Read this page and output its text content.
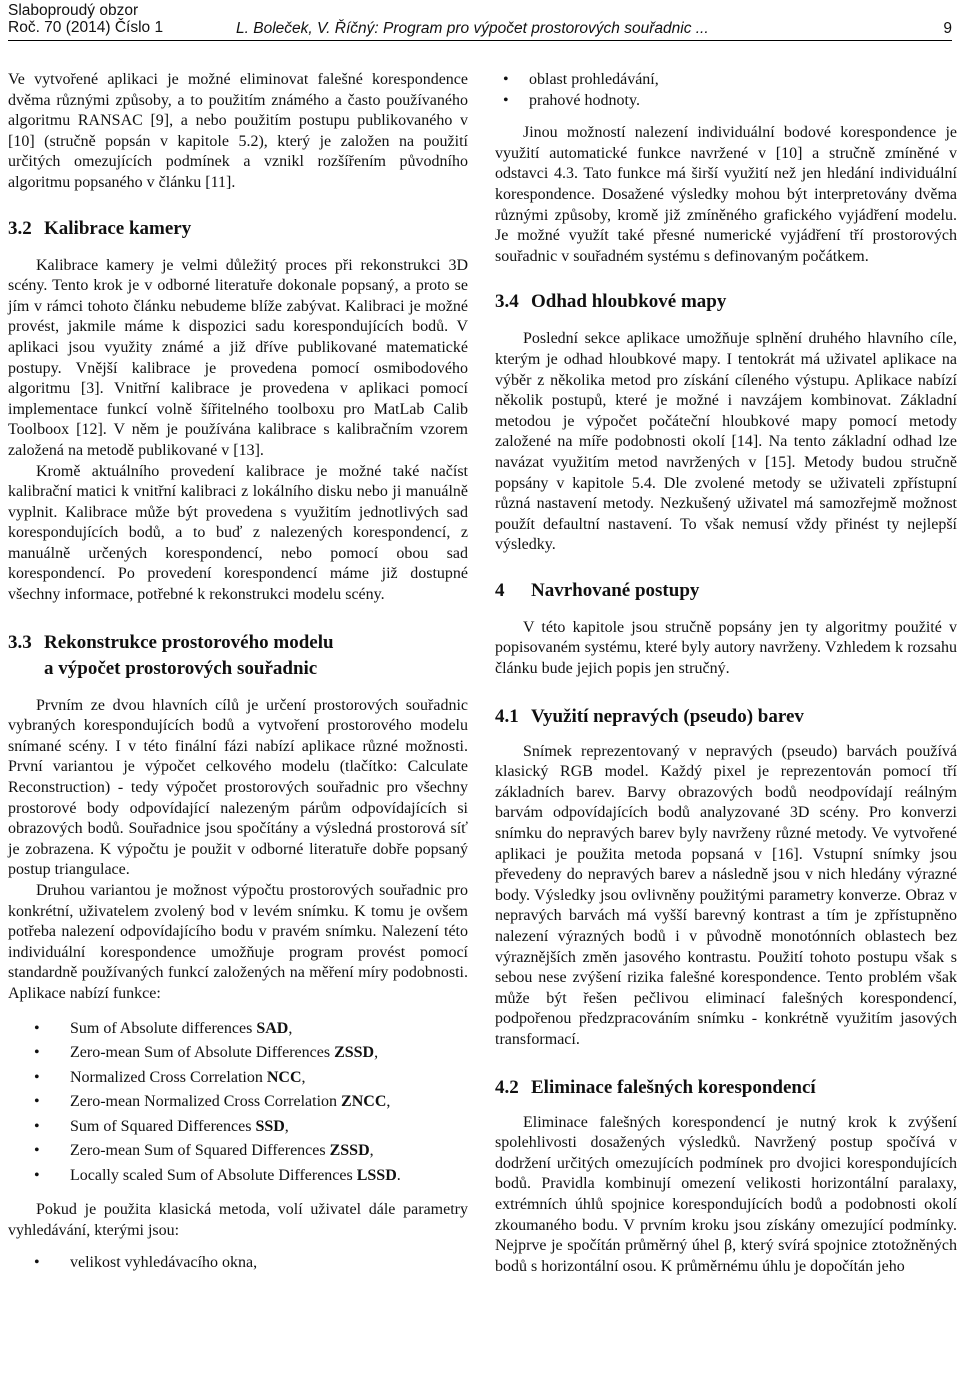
Slaboproudý obzor
Roč. 70 (2014) Číslo 1	L. Boleček, V. Říčný: Program pro výpočet prostorových souřadnic ...	9

Ve vytvořené aplikaci je možné eliminovat falešné korespondence dvěma různými způsoby, a to použitím známého a často používaného algoritmu RANSAC [9], a nebo použitím postupu publikovaného v [10] (stručně popsán v kapitole 5.2), který je založen na použití určitých omezujících podmínek a vznikl rozšířením původního algoritmu popsaného v článku [11].

3.2 Kalibrace kamery

Kalibrace kamery je velmi důležitý proces při rekonstrukci 3D scény. Tento krok je v odborné literatuře dokonale popsaný, a proto se jím v rámci tohoto článku nebudeme blíže zabývat. Kalibraci je možné provést, jakmile máme k dispozici sadu korespondujících bodů. V aplikaci jsou využity známé a již dříve publikované matematické postupy. Vnější kalibrace je provedena pomocí osmibodového algoritmu [3]. Vnitřní kalibrace je provedena v aplikaci pomocí implementace funkcí volně šířitelného toolboxu pro MatLab Calib Toolboox [12]. V něm je používána kalibrace s kalibračním vzorem založená na metodě publikované v [13].

Kromě aktuálního provedení kalibrace je možné také načíst kalibrační matici k vnitřní kalibraci z lokálního disku nebo ji manuálně vyplnit. Kalibrace může být provedena s využitím jednotlivých sad korespondujících bodů, a to buď z nalezených korespondencí, z manuálně určených korespondencí, nebo pomocí obou sad korespondencí. Po provedení korespondencí máme již dostupné všechny informace, potřebné k rekonstrukci modelu scény.

3.3 Rekonstrukce prostorového modelu
a výpočet prostorových souřadnic

Prvním ze dvou hlavních cílů je určení prostorových souřadnic vybraných korespondujících bodů a vytvoření prostorového modelu snímané scény. I v této finální fázi nabízí aplikace různé možnosti. První variantou je výpočet celkového modelu (tlačítko: Calculate Reconstruction) - tedy výpočet prostorových souřadnic pro všechny prostorové body odpovídající nalezeným párům odpovídajících si obrazových bodů. Souřadnice jsou spočítány a výsledná prostorová síť je zobrazena. K výpočtu je použit v odborné literatuře dobře popsaný postup triangulace.

Druhou variantou je možnost výpočtu prostorových souřadnic pro konkrétní, uživatelem zvolený bod v levém snímku. K tomu je ovšem potřeba nalezení odpovídajícího bodu v pravém snímku. Nalezení této individuální korespondence umožňuje program provést pomocí standardně používaných funkcí založených na měření míry podobnosti. Aplikace nabízí funkce:

• Sum of Absolute differences SAD,
• Zero-mean Sum of Absolute Differences ZSSD,
• Normalized Cross Correlation NCC,
• Zero-mean Normalized Cross Correlation ZNCC,
• Sum of Squared Differences SSD,
• Zero-mean Sum of Squared Differences ZSSD,
• Locally scaled Sum of Absolute Differences LSSD.

Pokud je použita klasická metoda, volí uživatel dále parametry vyhledávání, kterými jsou:

• velikost vyhledávacího okna,
• oblast prohledávání,
• prahové hodnoty.

Jinou možností nalezení individuální bodové korespondence je využití automatické funkce navržené v [10] a stručně zmíněné v odstavci 4.3. Tato funkce má širší využití než jen hledání individuální korespondence. Dosažené výsledky mohou být interpretovány dvěma různými způsoby, kromě již zmíněného grafického vyjádření modelu. Je možné využít také přesné numerické vyjádření tří prostorových souřadnic v souřadném systému s definovaným počátkem.

3.4 Odhad hloubkové mapy

Poslední sekce aplikace umožňuje splnění druhého hlavního cíle, kterým je odhad hloubkové mapy. I tentokrát má uživatel aplikace na výběr z několika metod pro získání cíleného výstupu. Aplikace nabízí několik postupů, které je možné i navzájem kombinovat. Základní metodou je výpočet počáteční hloubkové mapy pomocí metody založené na míře podobnosti okolí [14]. Na tento základní odhad lze navázat využitím metod navržených v [15]. Metody budou stručně popsány v kapitole 5.4. Dle zvolené metody se uživateli zpřístupní různá nastavení metody. Nezkušený uživatel má samozřejmě možnost použít defaultní nastavení. To však nemusí vždy přinést ty nejlepší výsledky.

4 Navrhované postupy

V této kapitole jsou stručně popsány jen ty algoritmy použité v popisovaném systému, které byly autory navrženy. Vzhledem k rozsahu článku bude jejich popis jen stručný.

4.1 Využití nepravých (pseudo) barev

Snímek reprezentovaný v nepravých (pseudo) barvách používá klasický RGB model. Každý pixel je reprezentován pomocí tří základních barev. Barvy obrazových bodů neodpovídají reálným barvám odpovídajících bodů analyzované 3D scény. Pro konverzi snímku do nepravých barev byly navrženy různé metody. Ve vytvořené aplikaci je použita metoda popsaná v [16]. Vstupní snímky jsou převedeny do nepravých barev a následně jsou v nich hledány výrazné body. Výsledky jsou ovlivněny použitými parametry konverze. Obraz v nepravých barvách má vyšší barevný kontrast a tím je zpřístupněno nalezení výrazných bodů i v původně monotónních oblastech bez výraznějších změn jasového kontrastu. Použití tohoto postupu však s sebou nese zvýšení rizika falešné korespondence. Tento problém však může být řešen pečlivou eliminací falešných korespondencí, podpořenou předzpracováním snímku - konkrétně využitím jasových transformací.

4.2 Eliminace falešných korespondencí

Eliminace falešných korespondencí je nutný krok k zvýšení spolehlivosti dosažených výsledků. Navržený postup spočívá v dodržení určitých omezujících podmínek pro dvojici korespondujících bodů. Pravidla kombinují omezení velikosti horizontální paralaxy, extrémních úhlů spojnice korespondujících bodů a podobnosti okolí zkoumaného bodu. V prvním kroku jsou získány omezující podmínky. Nejprve je spočítán průměrný úhel β, který svírá spojnice ztotožněných bodů s horizontální osou. K průměrnému úhlu je dopočítán jeho
